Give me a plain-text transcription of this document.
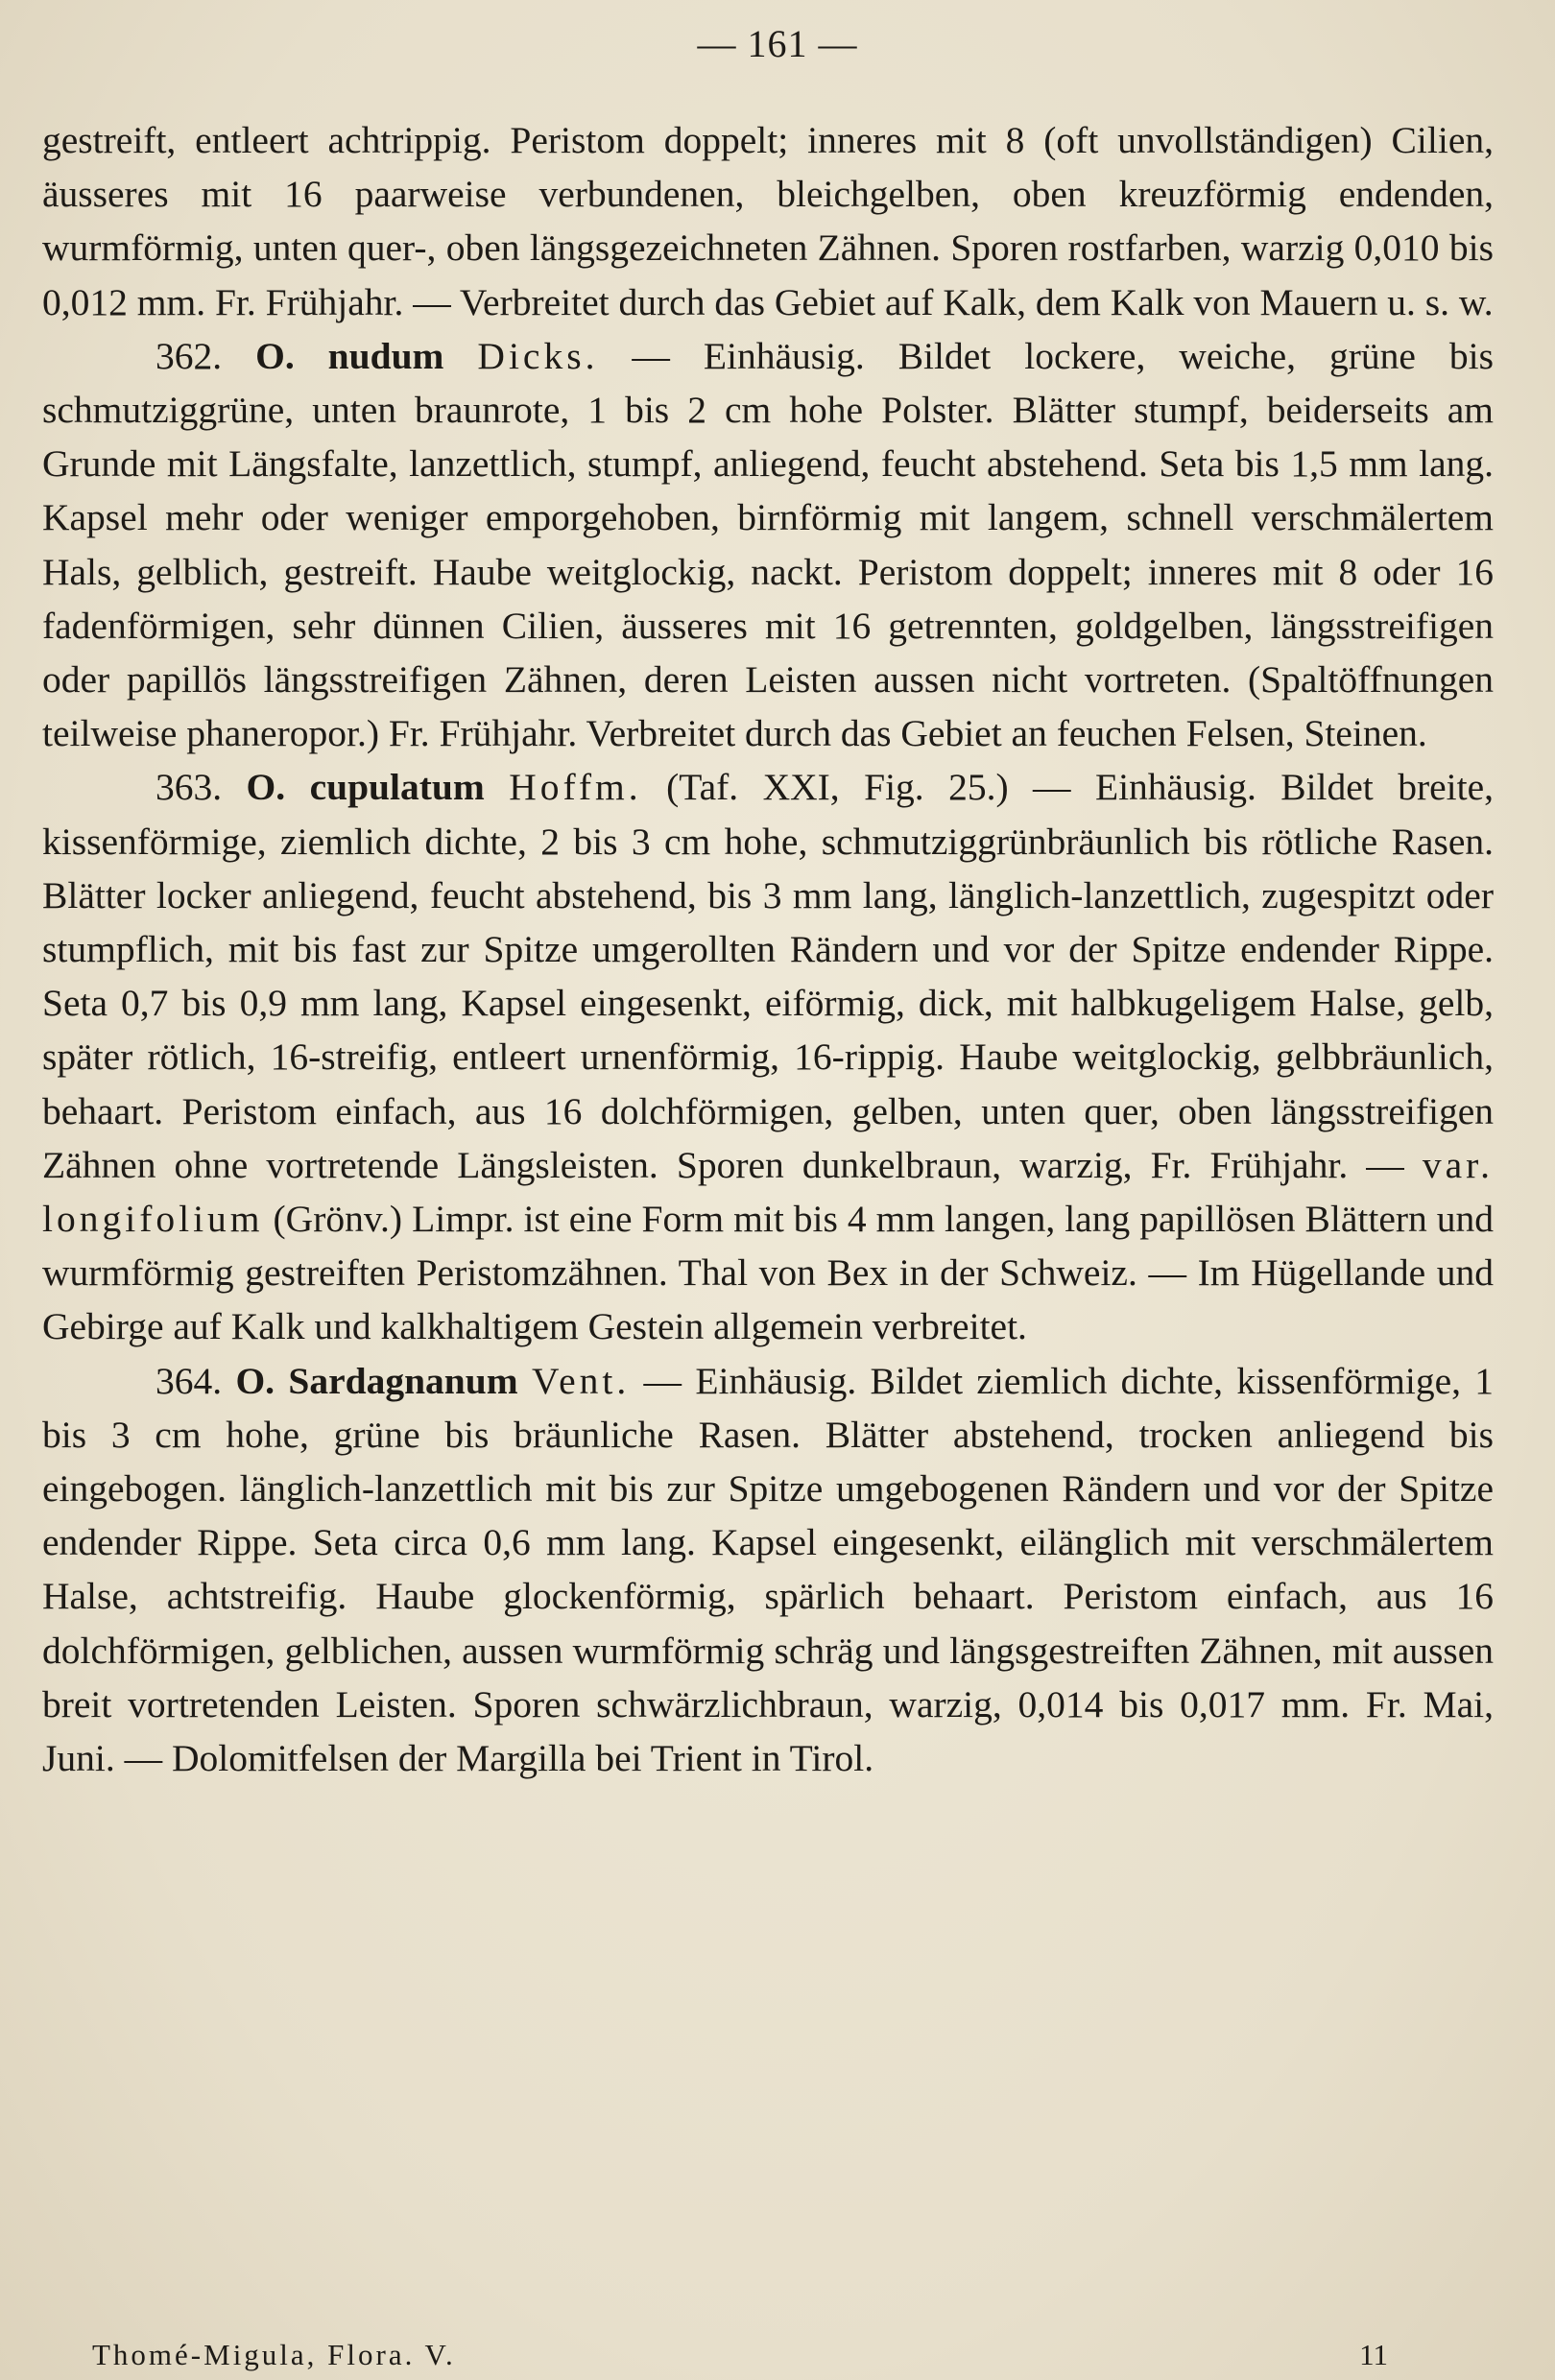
— 161 —

gestreift, entleert achtrippig. Peristom doppelt; inneres mit 8 (oft unvollständigen) Cilien, äusseres mit 16 paarweise verbundenen, bleichgelben, oben kreuzförmig endenden, wurmförmig, unten quer-, oben längsgezeichneten Zähnen. Sporen rostfarben, warzig 0,010 bis 0,012 mm. Fr. Frühjahr. — Verbreitet durch das Gebiet auf Kalk, dem Kalk von Mauern u. s. w.

362. O. nudum Dicks. — Einhäusig. Bildet lockere, weiche, grüne bis schmutziggrüne, unten braunrote, 1 bis 2 cm hohe Polster. Blätter stumpf, beiderseits am Grunde mit Längsfalte, lanzettlich, stumpf, anliegend, feucht abstehend. Seta bis 1,5 mm lang. Kapsel mehr oder weniger emporgehoben, birnförmig mit langem, schnell verschmälertem Hals, gelblich, gestreift. Haube weitglockig, nackt. Peristom doppelt; inneres mit 8 oder 16 fadenförmigen, sehr dünnen Cilien, äusseres mit 16 getrennten, goldgelben, längsstreifigen oder papillös längsstreifigen Zähnen, deren Leisten aussen nicht vortreten. (Spaltöffnungen teilweise phaneropor.) Fr. Frühjahr. Verbreitet durch das Gebiet an feuchen Felsen, Steinen.

363. O. cupulatum Hoffm. (Taf. XXI, Fig. 25.) — Einhäusig. Bildet breite, kissenförmige, ziemlich dichte, 2 bis 3 cm hohe, schmutziggrünbräunlich bis rötliche Rasen. Blätter locker anliegend, feucht abstehend, bis 3 mm lang, länglich-lanzettlich, zugespitzt oder stumpflich, mit bis fast zur Spitze umgerollten Rändern und vor der Spitze endender Rippe. Seta 0,7 bis 0,9 mm lang, Kapsel eingesenkt, eiförmig, dick, mit halbkugeligem Halse, gelb, später rötlich, 16-streifig, entleert urnenförmig, 16-rippig. Haube weitglockig, gelbbräunlich, behaart. Peristom einfach, aus 16 dolchförmigen, gelben, unten quer, oben längsstreifigen Zähnen ohne vortretende Längsleisten. Sporen dunkelbraun, warzig, Fr. Frühjahr. — var. longifolium (Grönv.) Limpr. ist eine Form mit bis 4 mm langen, lang papillösen Blättern und wurmförmig gestreiften Peristomzähnen. Thal von Bex in der Schweiz. — Im Hügellande und Gebirge auf Kalk und kalkhaltigem Gestein allgemein verbreitet.

364. O. Sardagnanum Vent. — Einhäusig. Bildet ziemlich dichte, kissenförmige, 1 bis 3 cm hohe, grüne bis bräunliche Rasen. Blätter abstehend, trocken anliegend bis eingebogen. länglich-lanzettlich mit bis zur Spitze umgebogenen Rändern und vor der Spitze endender Rippe. Seta circa 0,6 mm lang. Kapsel eingesenkt, eilänglich mit verschmälertem Halse, achtstreifig. Haube glockenförmig, spärlich behaart. Peristom einfach, aus 16 dolchförmigen, gelblichen, aussen wurmförmig schräg und längsgestreiften Zähnen, mit aussen breit vortretenden Leisten. Sporen schwärzlichbraun, warzig, 0,014 bis 0,017 mm. Fr. Mai, Juni. — Dolomitfelsen der Margilla bei Trient in Tirol.

Thomé-Migula, Flora. V.	11
